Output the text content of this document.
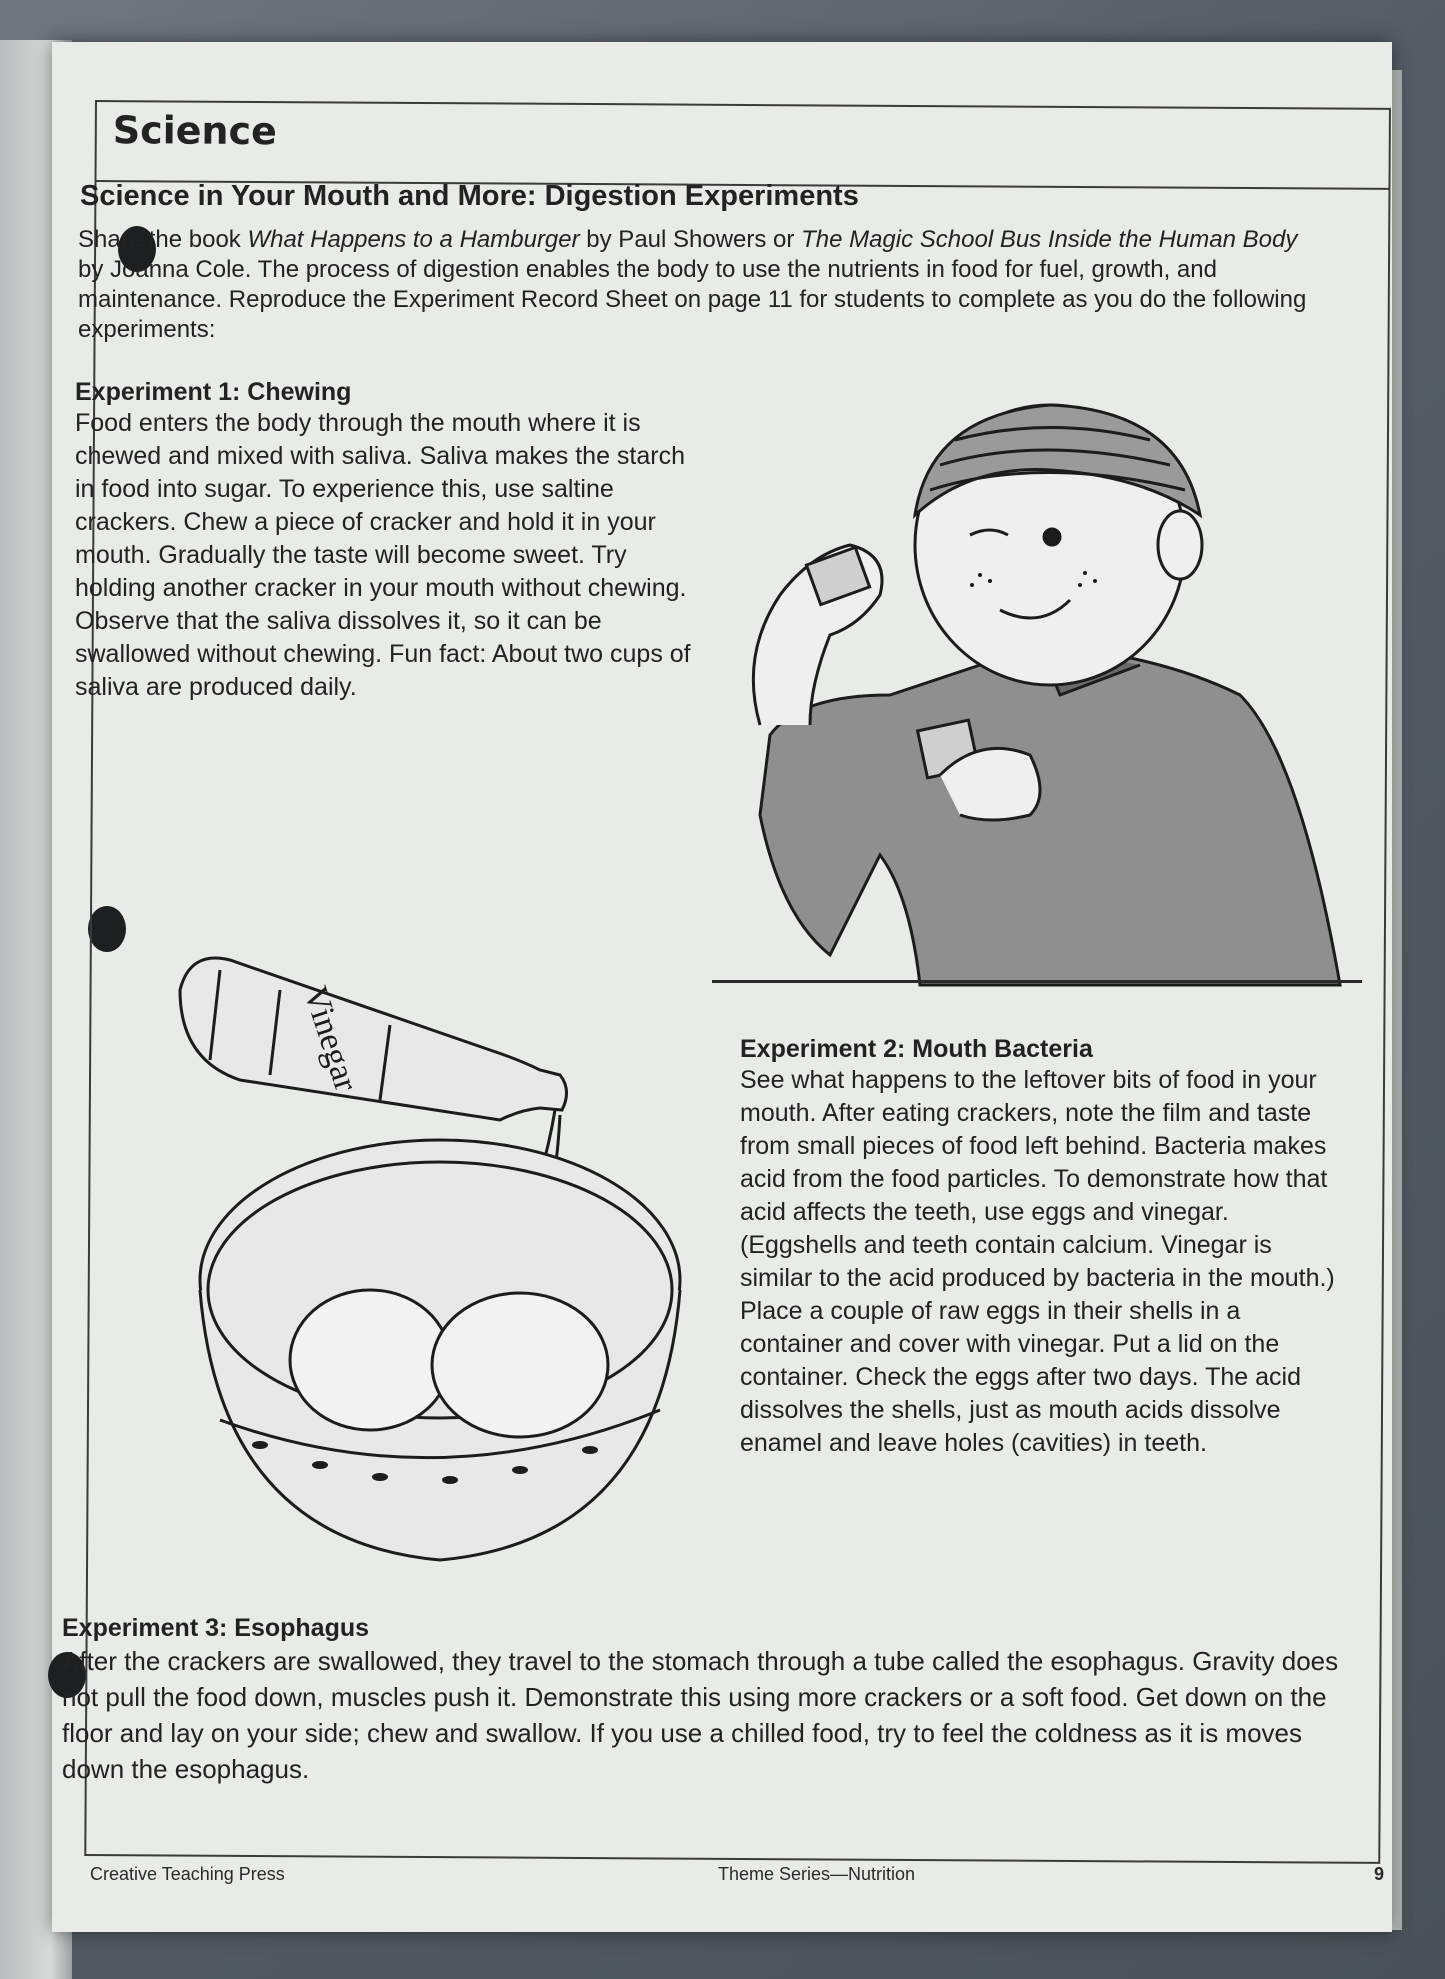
Science
Science in Your Mouth and More: Digestion Experiments
Share the book What Happens to a Hamburger by Paul Showers or The Magic School Bus Inside the Human Body by Joanna Cole. The process of digestion enables the body to use the nutrients in food for fuel, growth, and maintenance. Reproduce the Experiment Record Sheet on page 11 for students to complete as you do the following experiments:

Experiment 1: Chewing

Food enters the body through the mouth where it is chewed and mixed with saliva. Saliva makes the starch in food into sugar. To experience this, use saltine crackers. Chew a piece of cracker and hold it in your mouth. Gradually the taste will become sweet. Try holding another cracker in your mouth without chewing. Observe that the saliva dissolves it, so it can be swallowed without chewing. Fun fact: About two cups of saliva are produced daily.

Vinegar	Experiment 2: Mouth Bacteria

See what happens to the leftover bits of food in your mouth. After eating crackers, note the film and taste from small pieces of food left behind. Bacteria makes acid from the food particles. To demonstrate how that acid affects the teeth, use eggs and vinegar. (Eggshells and teeth contain calcium. Vinegar is similar to the acid produced by bacteria in the mouth.) Place a couple of raw eggs in their shells in a container and cover with vinegar. Put a lid on the container. Check the eggs after two days. The acid dissolves the shells, just as mouth acids dissolve enamel and leave holes (cavities) in teeth.

Experiment 3: Esophagus

After the crackers are swallowed, they travel to the stomach through a tube called the esophagus. Gravity does not pull the food down, muscles push it. Demonstrate this using more crackers or a soft food. Get down on the floor and lay on your side; chew and swallow. If you use a chilled food, try to feel the coldness as it is moves down the esophagus.

Creative Teaching Press	Theme Series—Nutrition	9
